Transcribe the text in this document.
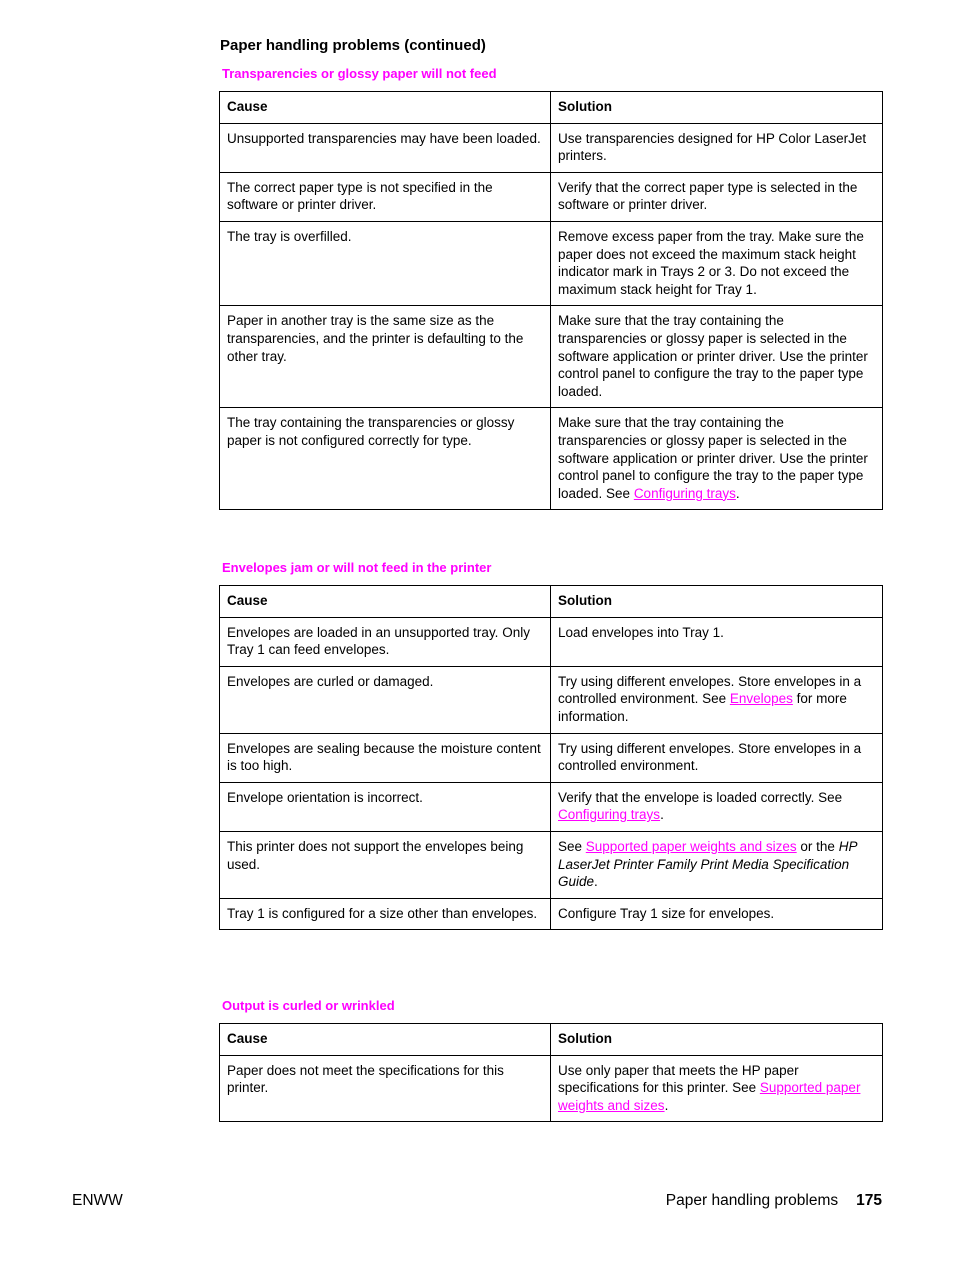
Paper handling problems (continued)
Transparencies or glossy paper will not feed
Cause	Solution
Unsupported transparencies may have been loaded.	Use transparencies designed for HP Color LaserJet printers.
The correct paper type is not specified in the software or printer driver.	Verify that the correct paper type is selected in the software or printer driver.
The tray is overfilled.	Remove excess paper from the tray. Make sure the paper does not exceed the maximum stack height indicator mark in Trays 2 or 3. Do not exceed the maximum stack height for Tray 1.
Paper in another tray is the same size as the transparencies, and the printer is defaulting to the other tray.	Make sure that the tray containing the transparencies or glossy paper is selected in the software application or printer driver. Use the printer control panel to configure the tray to the paper type loaded.
The tray containing the transparencies or glossy paper is not configured correctly for type.	Make sure that the tray containing the transparencies or glossy paper is selected in the software application or printer driver. Use the printer control panel to configure the tray to the paper type loaded. See Configuring trays.
Envelopes jam or will not feed in the printer
Cause	Solution
Envelopes are loaded in an unsupported tray. Only Tray 1 can feed envelopes.	Load envelopes into Tray 1.
Envelopes are curled or damaged.	Try using different envelopes. Store envelopes in a controlled environment. See Envelopes for more information.
Envelopes are sealing because the moisture content is too high.	Try using different envelopes. Store envelopes in a controlled environment.
Envelope orientation is incorrect.	Verify that the envelope is loaded correctly. See Configuring trays.
This printer does not support the envelopes being used.	See Supported paper weights and sizes or the HP LaserJet Printer Family Print Media Specification Guide.
Tray 1 is configured for a size other than envelopes.	Configure Tray 1 size for envelopes.
Output is curled or wrinkled
Cause	Solution
Paper does not meet the specifications for this printer.	Use only paper that meets the HP paper specifications for this printer. See Supported paper weights and sizes.
ENWW	Paper handling problems 175
